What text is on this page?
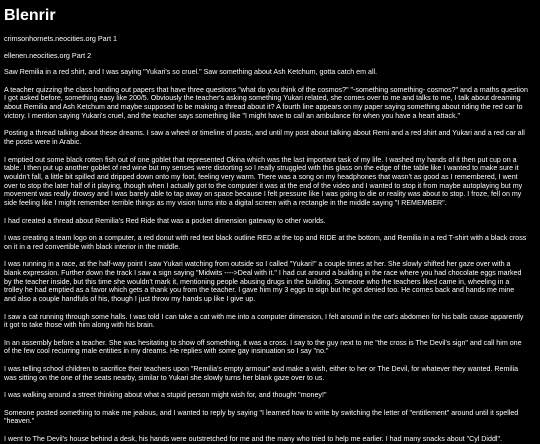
Blenrir
crimsonhornets.neocities.org Part 1
ellenen.neocities.org Part 2

Saw Remilia in a red shirt, and I was saying "Yukari's so cruel." Saw something about Ash Ketchum, gotta catch em all.

A teacher quizzing the class handing out papers that have three questions "what do you think of the cosmos?" "-something something- cosmos?" and a maths question I got asked before, something easy like 200/5. Obviously the teacher's asking something Yukari related, she comes over to me and talks to me, I talk about dreaming about Remilia and Ash Ketchum and maybe supposed to be making a thread about it? A fourth line appears on my paper saying something about riding the red car to victory. I mention saying Yukari's cruel, and the teacher says something like "I might have to call an ambulance for when you have a heart attack."

Posting a thread talking about these dreams. I saw a wheel or timeline of posts, and until my post about talking about Remi and a red shirt and Yukari and a red car all the posts were in Arabic.

I emptied out some black rotten fish out of one goblet that represented Okina which was the last important task of my life. I washed my hands of it then put cup on a table. I then put up another goblet of red wine but my senses were distorting so I really struggled with this glass on the edge of the table like I wanted to make sure it wouldn't fall, a little bit spilled and dripped down onto my foot, feeling very warm. There was a song on my headphones that wasn't as good as I remembered, I went over to stop the later half of it playing, though when I actually got to the computer it was at the end of the video and I wanted to stop it from maybe autoplaying but my movement was really drowsy and I was barely able to tap away on space because I felt pressure like I was going to die or reality was about to stop. I froze, fell on my side feeling like I might remember terrible things as my vision turns into a digital screen with a rectangle in the middle saying "I REMEMBER".

I had created a thread about Remilia's Red Ride that was a pocket dimension gateway to other worlds.

I was creating a team logo on a computer, a red donut with red text black outline RED at the top and RIDE at the bottom, and Remilia in a red T-shirt with a black cross on it in a red convertible with black interior in the middle.

I was running in a race, at the half-way point I saw Yukari watching from outside so I called "Yukari!" a couple times at her. She slowly shifted her gaze over with a blank expression. Further down the track I saw a sign saying "Midwits ---->Deal with it." I had cut around a building in the race where you had chocolate eggs marked by the teacher inside, but this time she wouldn't mark it, mentioning people abusing drugs in the building. Someone who the teachers liked came in, wheeling in a trolley he had emptied as a favor which gets a thank you from the teacher. I gave him my 3 eggs to sign but he got denied too. He comes back and hands me mine and also a couple handfuls of his, though I just throw my hands up like I give up.

I saw a cat running through some halls. I was told I can take a cat with me into a computer dimension, I felt around in the cat's abdomen for his balls cause apparently it got to take those with him along with his brain.

In an assembly before a teacher. She was hesitating to show off something, it was a cross. I say to the guy next to me "the cross is The Devil's sign" and call him one of the few cool recurring male entities in my dreams. He replies with some gay insinuation so I say "no."

I was telling school children to sacrifice their teachers upon "Remilia's empty armour" and make a wish, either to her or The Devil, for whatever they wanted. Remilia was sitting on the one of the seats nearby, similar to Yukari she slowly turns her blank gaze over to us.

I was walking around a street thinking about what a stupid person might wish for, and thought "money!"

Someone posted something to make me jealous, and I wanted to reply by saying "I learned how to write by switching the letter of "entitlement" around until it spelled "heaven."

I went to The Devil's house behind a desk, his hands were outstretched for me and the many who tried to help me earlier. I had many snacks about "Cyl Diddl".
